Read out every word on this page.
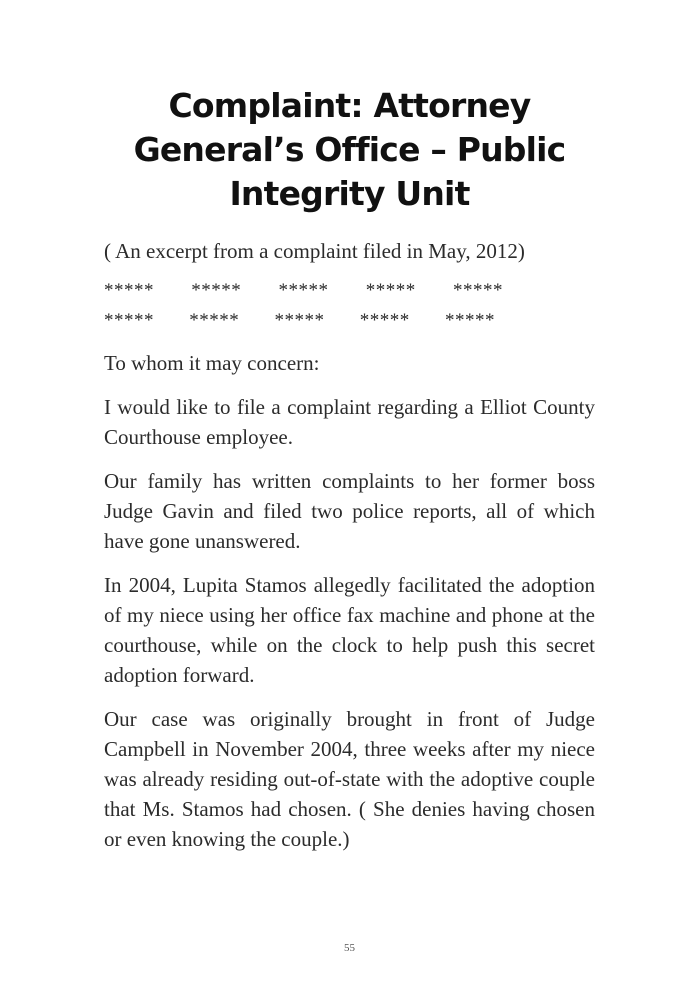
Complaint: Attorney
General’s Office – Public
Integrity Unit

( An excerpt from a complaint filed in May, 2012)

***** ***** ***** ***** *****
***** ***** ***** ***** *****

To whom it may concern:

I would like to file a complaint regarding a Elliot County Courthouse employee.

Our family has written complaints to her former boss Judge Gavin and filed two police reports, all of which have gone unanswered.

In 2004, Lupita Stamos allegedly facilitated the adoption of my niece using her office fax machine and phone at the courthouse, while on the clock to help push this secret adoption forward.

Our case was originally brought in front of Judge Campbell in November 2004, three weeks after my niece was already residing out-of-state with the adoptive couple that Ms. Stamos had chosen. ( She denies having chosen or even knowing the couple.)

55
